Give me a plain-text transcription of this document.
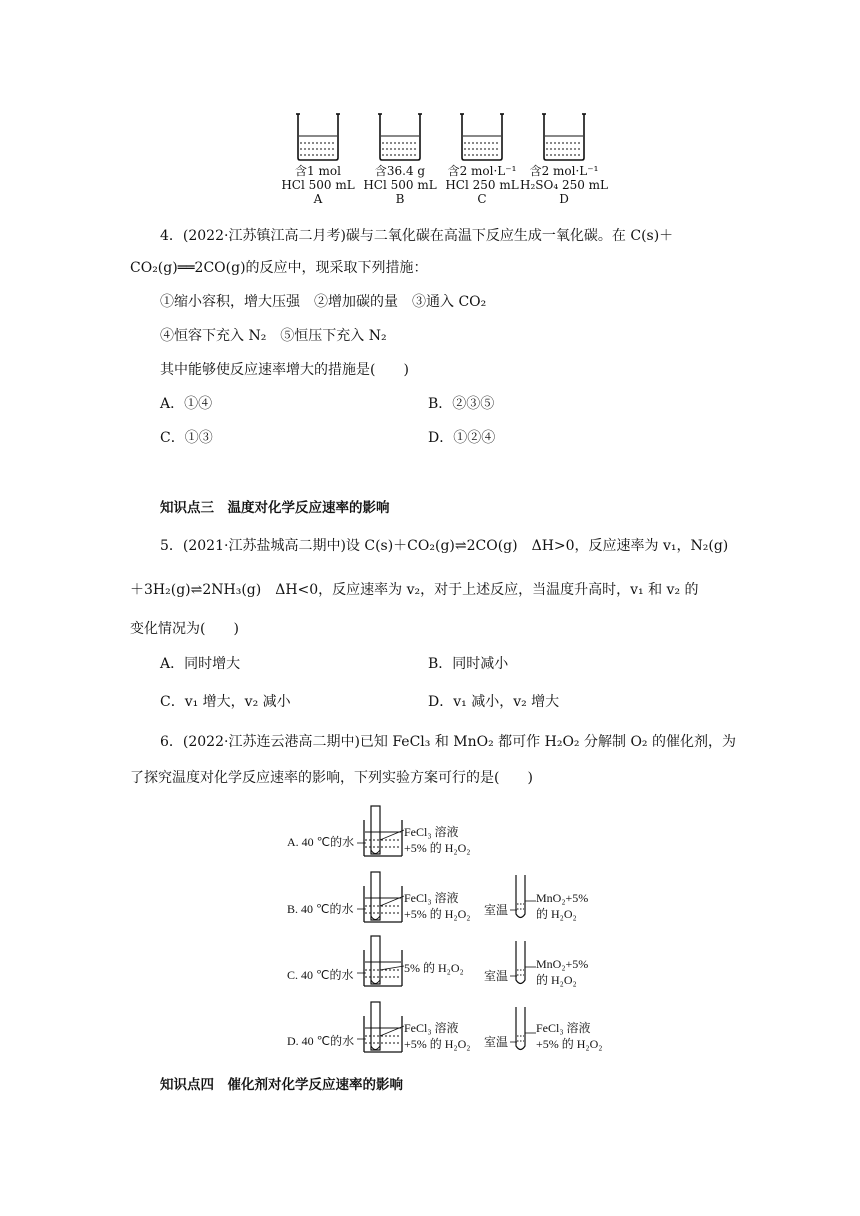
含1 mol
HCl 500 mL
A
含36.4 g
HCl 500 mL
B
含2 mol·L⁻¹
HCl 250 mL
C
含2 mol·L⁻¹
H₂SO₄ 250 mL
D
4．(2022·江苏镇江高二月考)碳与二氧化碳在高温下反应生成一氧化碳。在 C(s)＋
CO₂(g)══2CO(g)的反应中，现采取下列措施：
①缩小容积，增大压强　②增加碳的量　③通入 CO₂
④恒容下充入 N₂　⑤恒压下充入 N₂
其中能够使反应速率增大的措施是(　　)
A．①④	B．②③⑤
C．①③	D．①②④
知识点三　温度对化学反应速率的影响
5．(2021·江苏盐城高二期中)设 C(s)＋CO₂(g)⇌2CO(g)　ΔH>0，反应速率为 v₁，N₂(g)
＋3H₂(g)⇌2NH₃(g)　ΔH<0，反应速率为 v₂，对于上述反应，当温度升高时，v₁ 和 v₂ 的
变化情况为(　　)
A．同时增大	B．同时减小
C．v₁ 增大，v₂ 减小	D．v₁ 减小，v₂ 增大
6．(2022·江苏连云港高二期中)已知 FeCl₃ 和 MnO₂ 都可作 H₂O₂ 分解制 O₂ 的催化剂，为
了探究温度对化学反应速率的影响，下列实验方案可行的是(　　)
A. 40 ℃的水
FeCl₃ 溶液
+5% 的 H₂O₂
B. 40 ℃的水
FeCl₃ 溶液
+5% 的 H₂O₂ 室温
MnO₂+5%
的 H₂O₂
C. 40 ℃的水	5% 的 H₂O₂
室温
MnO₂+5%
的 H₂O₂
D. 40 ℃的水
FeCl₃ 溶液
+5% 的 H₂O₂ 室温
FeCl₃ 溶液
+5% 的 H₂O₂
知识点四　催化剂对化学反应速率的影响
